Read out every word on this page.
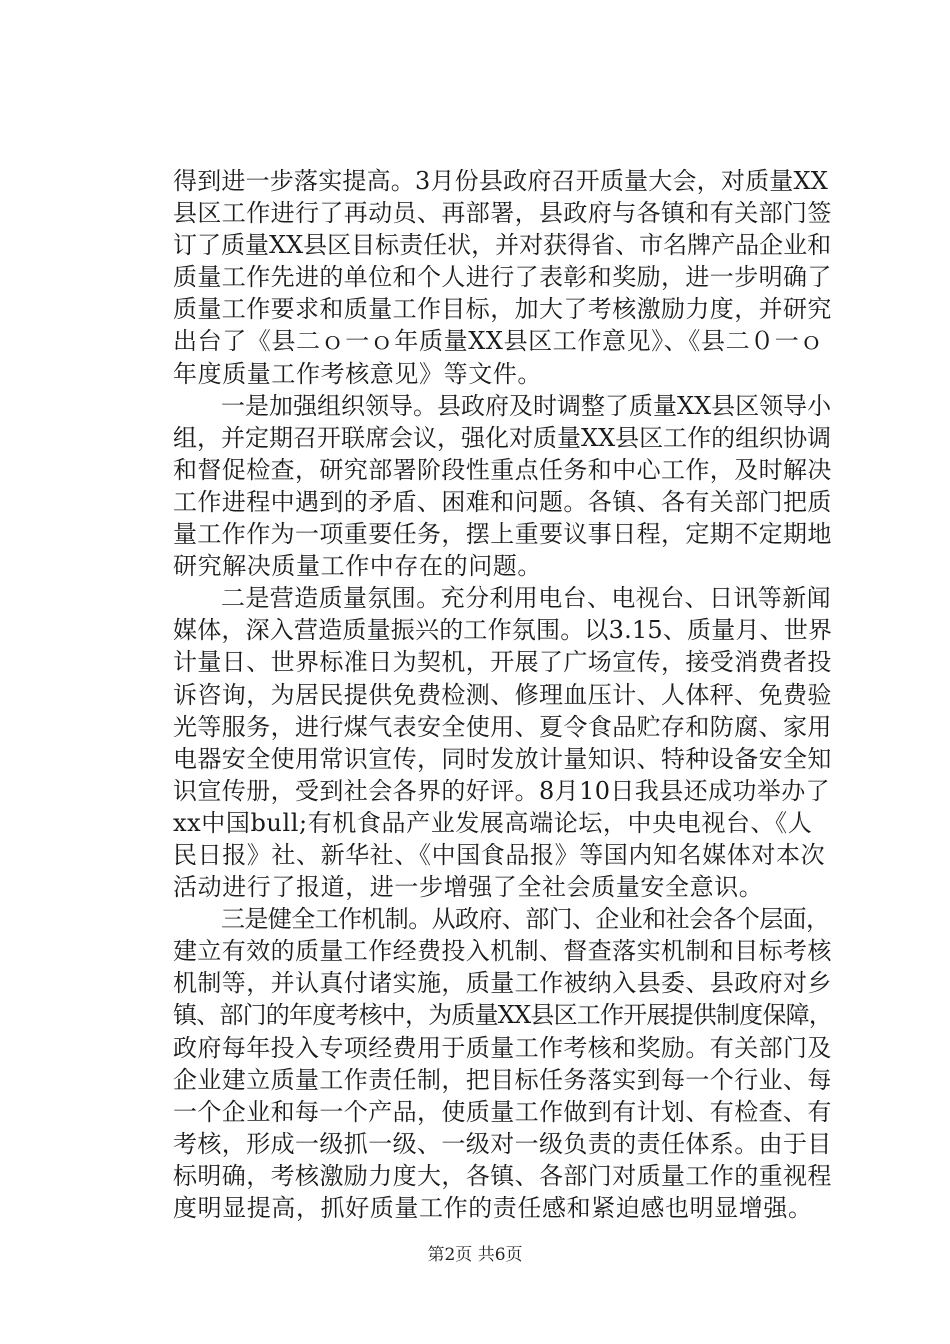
得到进一步落实提高。3月份县政府召开质量大会，对质量XX
县区工作进行了再动员、再部署，县政府与各镇和有关部门签
订了质量XX县区目标责任状，并对获得省、市名牌产品企业和
质量工作先进的单位和个人进行了表彰和奖励，进一步明确了
质量工作要求和质量工作目标，加大了考核激励力度，并研究
出台了《县二ｏ一ｏ年质量XX县区工作意见》、《县二０一ｏ
年度质量工作考核意见》等文件。
一是加强组织领导。县政府及时调整了质量XX县区领导小
组，并定期召开联席会议，强化对质量XX县区工作的组织协调
和督促检查，研究部署阶段性重点任务和中心工作，及时解决
工作进程中遇到的矛盾、困难和问题。各镇、各有关部门把质
量工作作为一项重要任务，摆上重要议事日程，定期不定期地
研究解决质量工作中存在的问题。
二是营造质量氛围。充分利用电台、电视台、日讯等新闻
媒体，深入营造质量振兴的工作氛围。以3.15、质量月、世界
计量日、世界标准日为契机，开展了广场宣传，接受消费者投
诉咨询，为居民提供免费检测、修理血压计、人体秤、免费验
光等服务，进行煤气表安全使用、夏令食品贮存和防腐、家用
电器安全使用常识宣传，同时发放计量知识、特种设备安全知
识宣传册，受到社会各界的好评。8月10日我县还成功举办了
xx中国bull;有机食品产业发展高端论坛，中央电视台、《人
民日报》社、新华社、《中国食品报》等国内知名媒体对本次
活动进行了报道，进一步增强了全社会质量安全意识。
三是健全工作机制。从政府、部门、企业和社会各个层面，
建立有效的质量工作经费投入机制、督查落实机制和目标考核
机制等，并认真付诸实施，质量工作被纳入县委、县政府对乡
镇、部门的年度考核中，为质量XX县区工作开展提供制度保障，
政府每年投入专项经费用于质量工作考核和奖励。有关部门及
企业建立质量工作责任制，把目标任务落实到每一个行业、每
一个企业和每一个产品，使质量工作做到有计划、有检查、有
考核，形成一级抓一级、一级对一级负责的责任体系。由于目
标明确，考核激励力度大，各镇、各部门对质量工作的重视程
度明显提高，抓好质量工作的责任感和紧迫感也明显增强。
第2页 共6页
